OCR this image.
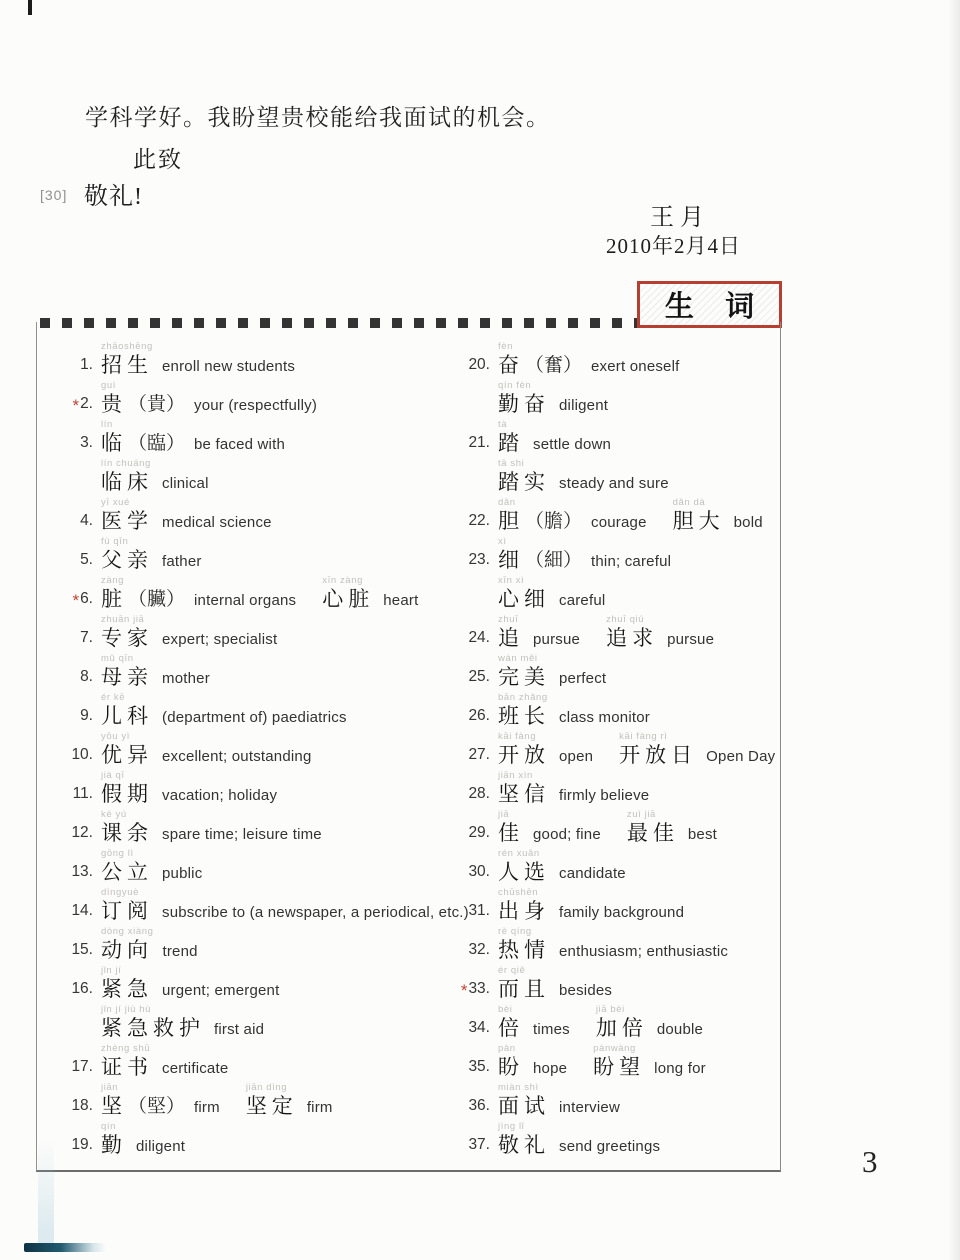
学科学好。我盼望贵校能给我面试的机会。
此致
[30] 敬礼!
王月
2010年2月4日
生 词
1.
zhāoshēng
招生 enroll new students
*2.
guì
贵 （貴） your (respectfully)
3.
lín
临 （臨） be faced with
lín chuáng
临床 clinical
4.
yī xué
医学 medical science
5.
fù qīn
父亲 father
*6.
zàng
脏 （臟） internal organs
xīn zàng
心脏 heart
7.
zhuān jiā
专家 expert; specialist
8.
mǔ qīn
母亲 mother
9.
ér kē
儿科 (department of) paediatrics
10.
yōu yì
优异 excellent; outstanding
11.
jià qī
假期 vacation; holiday
12.
kè yú
课余 spare time; leisure time
13.
gōng lì
公立 public
14.
dìngyuè
订阅 subscribe to (a newspaper, a periodical, etc.)
15.
dòng xiàng
动向 trend
16.
jǐn jí
紧急 urgent; emergent
jǐn jí jiù hù
紧急救护 first aid
17.
zhèng shū
证书 certificate
18.
jiān
坚 （堅） firm
jiān dìng
坚定 firm
19.
qín
勤 diligent
20.
fèn
奋 （奮） exert oneself
qín fèn
勤奋 diligent
21.
tà
踏 settle down
tā shi
踏实 steady and sure
22.
dǎn
胆 （膽） courage
dǎn dà
胆大 bold
23.
xì
细 （細） thin; careful
xīn xì
心细 careful
24.
zhuī
追 pursue
zhuī qiú
追求 pursue
25.
wán měi
完美 perfect
26.
bān zhǎng
班长 class monitor
27.
kāi fàng
开放 open
kāi fàng rì
开放日 Open Day
28.
jiān xìn
坚信 firmly believe
29.
jiā
佳 good; fine
zuì jiā
最佳 best
30.
rén xuǎn
人选 candidate
31.
chūshēn
出身 family background
32.
rè qíng
热情 enthusiasm; enthusiastic
*33.
ér qiě
而且 besides
34.
bèi
倍 times
jiā bèi
加倍 double
35.
pàn
盼 hope
pànwàng
盼望 long for
36.
miàn shì
面试 interview
37.
jìng lǐ
敬礼 send greetings	3
